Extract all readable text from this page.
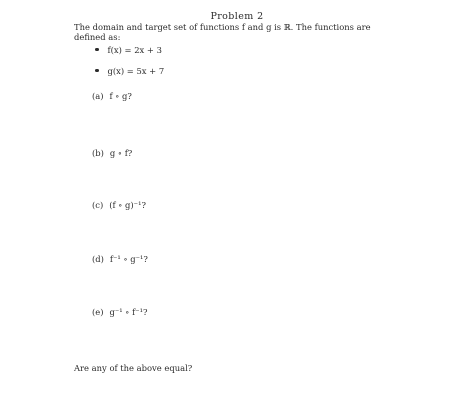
Problem 2
The domain and target set of functions f and g is ℝ. The functions are defined as:
f(x) = 2x + 3
g(x) = 5x + 7
(a) f ∘ g?
(b) g ∘ f?
(c) (f ∘ g)⁻¹?
(d) f⁻¹ ∘ g⁻¹?
(e) g⁻¹ ∘ f⁻¹?
Are any of the above equal?
